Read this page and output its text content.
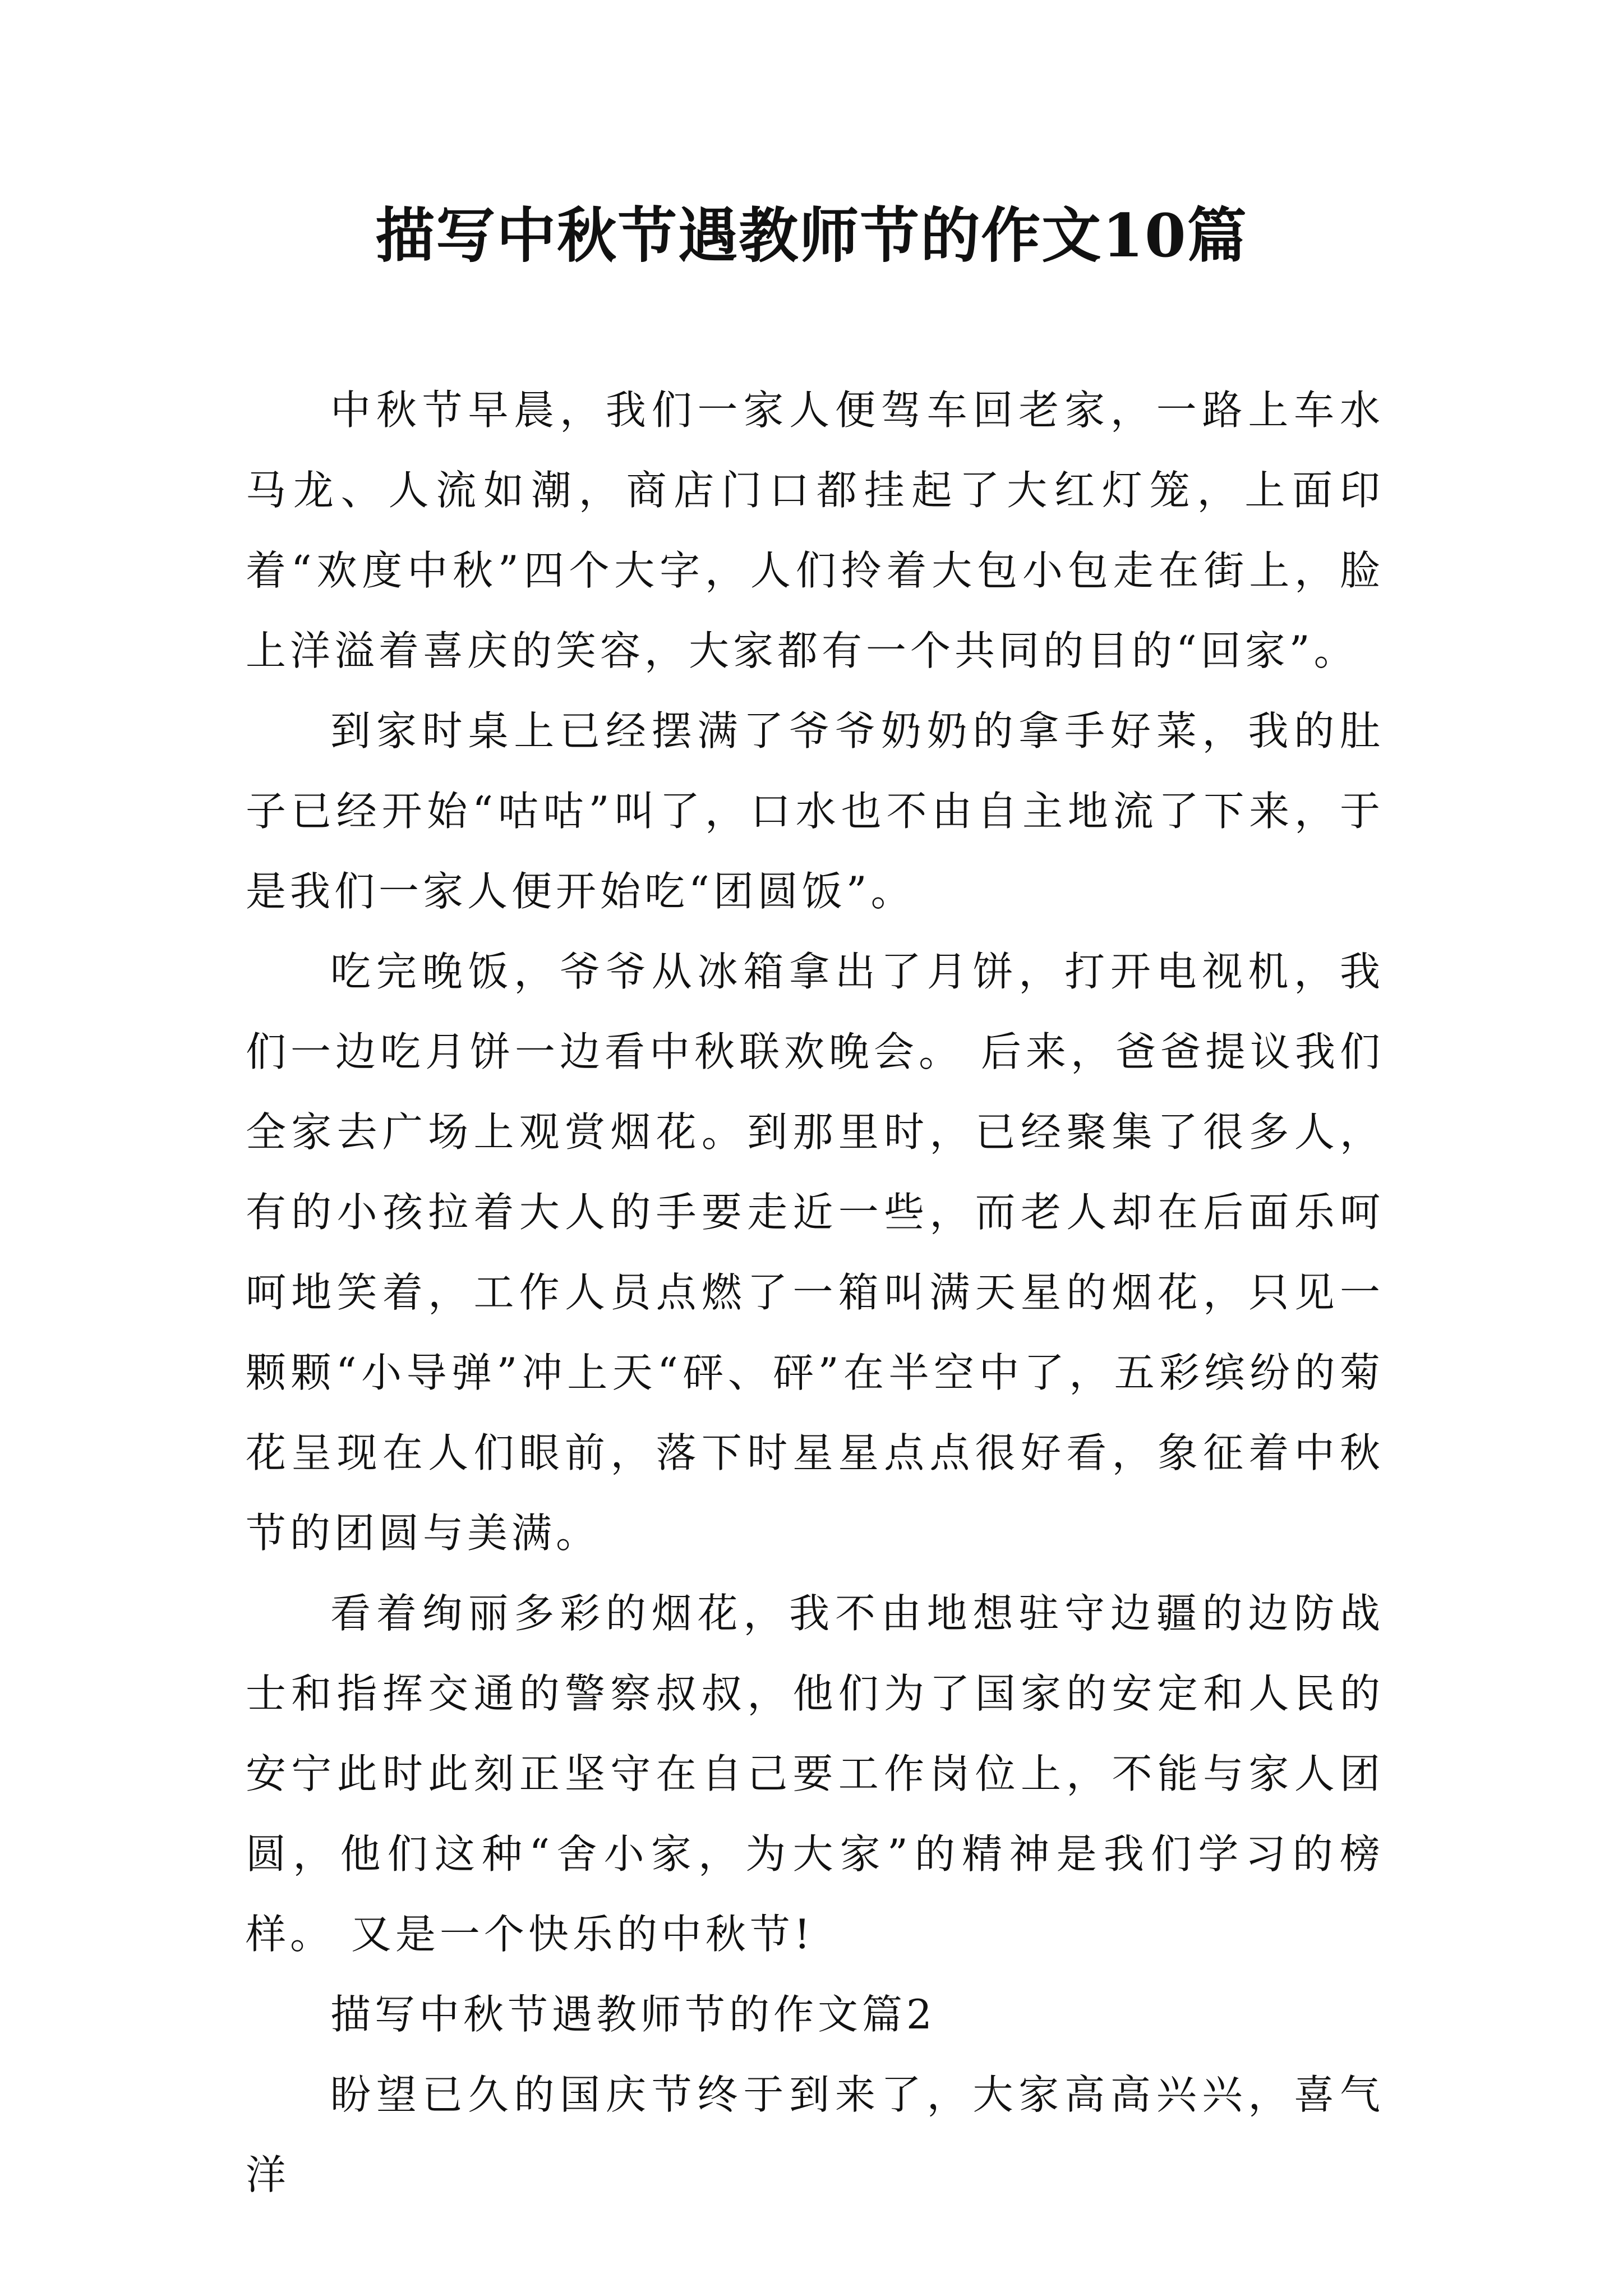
描写中秋节遇教师节的作文10篇

中秋节早晨，我们一家人便驾车回老家，一路上车水马龙、人流如潮，商店门口都挂起了大红灯笼，上面印着“欢度中秋”四个大字，人们拎着大包小包走在街上，脸上洋溢着喜庆的笑容，大家都有一个共同的目的“回家”。

到家时桌上已经摆满了爷爷奶奶的拿手好菜，我的肚子已经开始“咕咕”叫了，口水也不由自主地流了下来，于是我们一家人便开始吃“团圆饭”。

吃完晚饭，爷爷从冰箱拿出了月饼，打开电视机，我们一边吃月饼一边看中秋联欢晚会。 后来，爸爸提议我们全家去广场上观赏烟花。到那里时，已经聚集了很多人，有的小孩拉着大人的手要走近一些，而老人却在后面乐呵呵地笑着，工作人员点燃了一箱叫满天星的烟花，只见一颗颗“小导弹”冲上天“砰、砰”在半空中了，五彩缤纷的菊花呈现在人们眼前，落下时星星点点很好看，象征着中秋节的团圆与美满。

看着绚丽多彩的烟花，我不由地想驻守边疆的边防战士和指挥交通的警察叔叔，他们为了国家的安定和人民的安宁此时此刻正坚守在自己要工作岗位上，不能与家人团圆，他们这种“舍小家，为大家”的精神是我们学习的榜样。 又是一个快乐的中秋节!

描写中秋节遇教师节的作文篇2

盼望已久的国庆节终于到来了，大家高高兴兴，喜气洋
